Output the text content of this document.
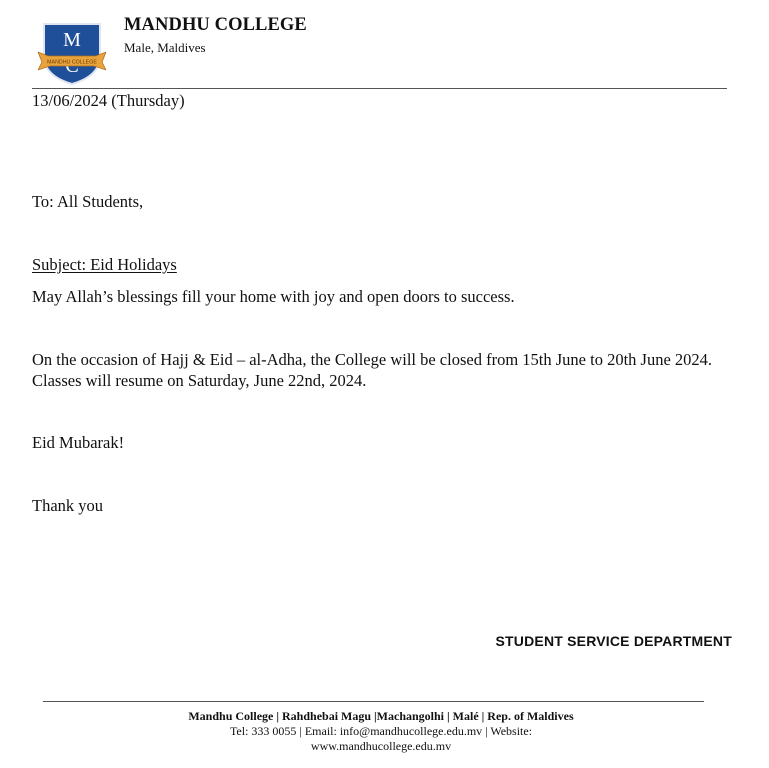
M
MANDHU COLLEGE
MANDHU COLLEGE
Male, Maldives
13/06/2024 (Thursday)
To: All Students,
Subject: Eid Holidays
May Allah’s blessings fill your home with joy and open doors to success.
On the occasion of Hajj & Eid – al-Adha, the College will be closed from 15th June to 20th June 2024. Classes will resume on Saturday, June 22nd, 2024.
Eid Mubarak!
Thank you
STUDENT SERVICE DEPARTMENT
Mandhu College | Rahdhebai Magu |Machangolhi | Malé | Rep. of Maldives
Tel: 333 0055 | Email: info@mandhucollege.edu.mv | Website:
www.mandhucollege.edu.mv
